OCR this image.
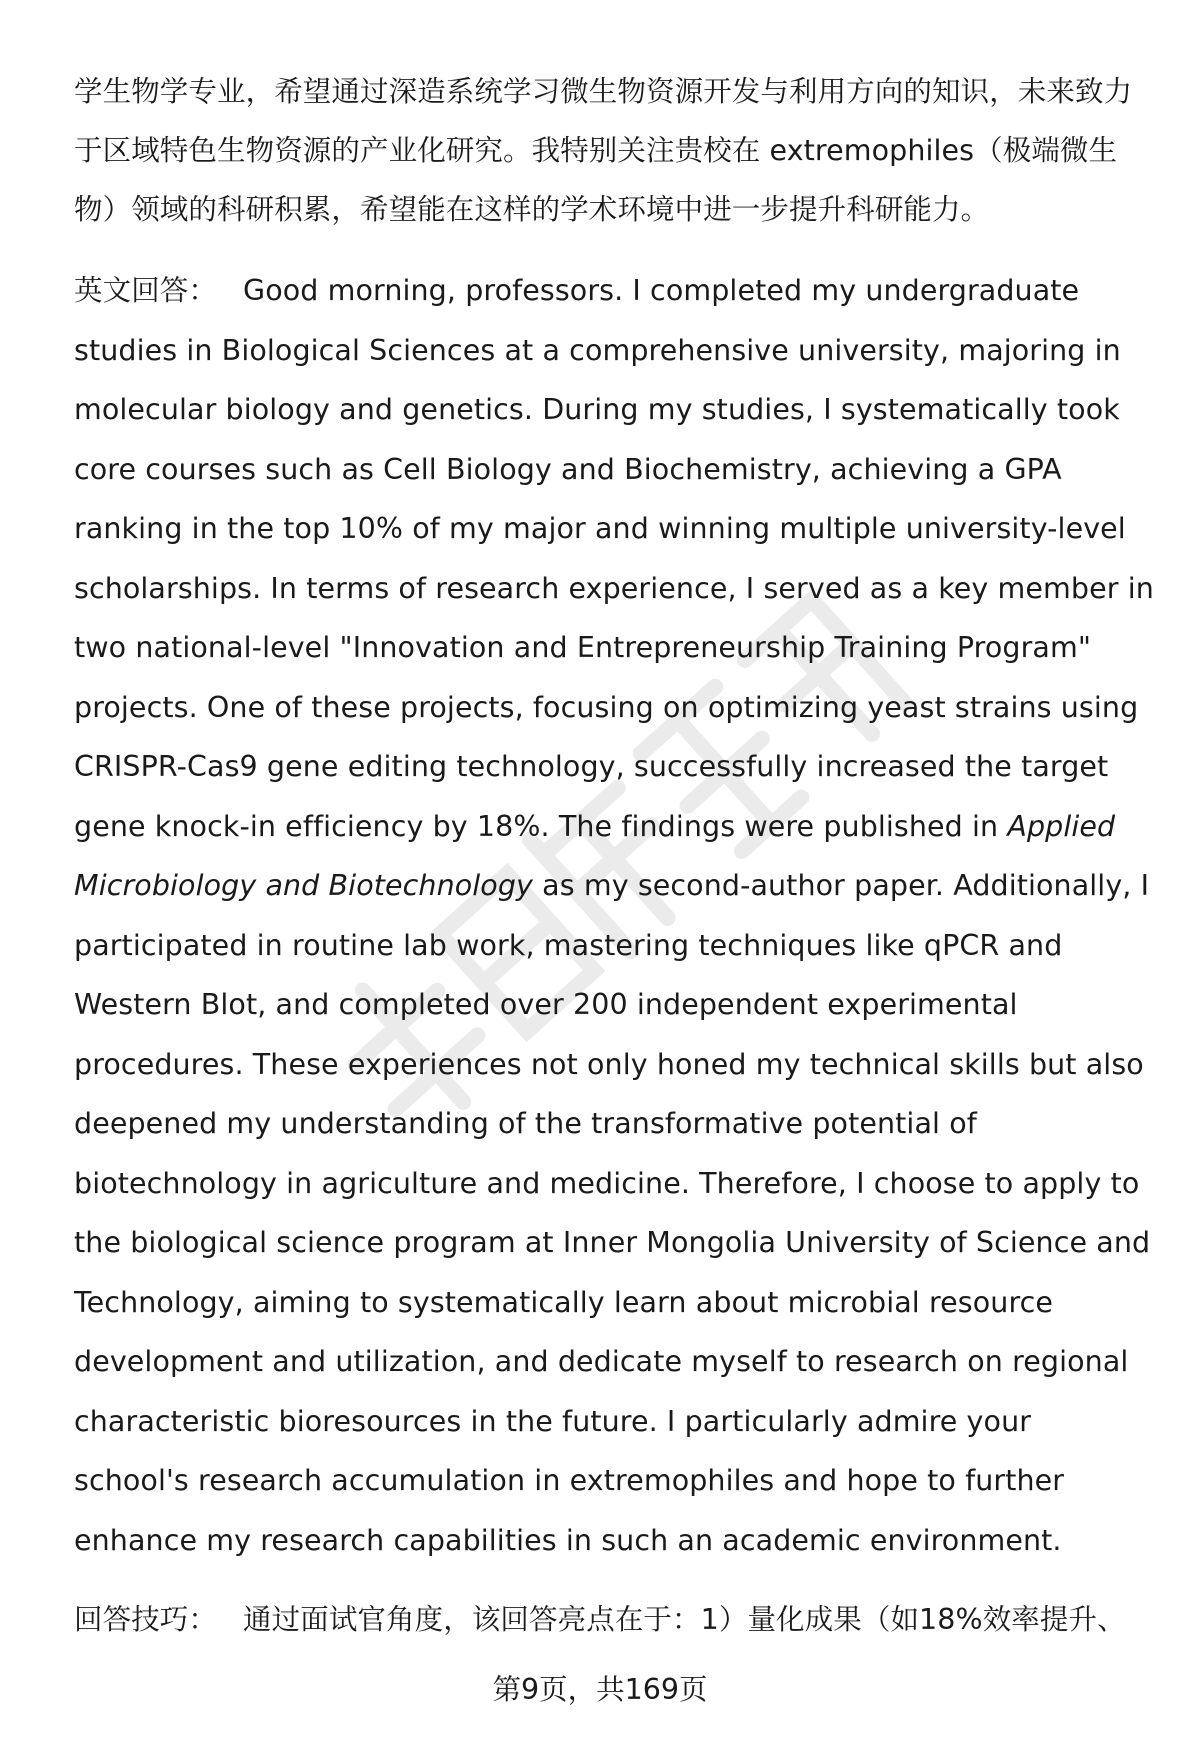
学生物学专业，希望通过深造系统学习微生物资源开发与利用方向的知识，未来致力于区域特色生物资源的产业化研究。我特别关注贵校在 extremophiles（极端微生物）领域的科研积累，希望能在这样的学术环境中进一步提升科研能力。

英文回答： Good morning, professors. I completed my undergraduate studies in Biological Sciences at a comprehensive university, majoring in molecular biology and genetics. During my studies, I systematically took core courses such as Cell Biology and Biochemistry, achieving a GPA ranking in the top 10% of my major and winning multiple university-level scholarships. In terms of research experience, I served as a key member in two national-level "Innovation and Entrepreneurship Training Program" projects. One of these projects, focusing on optimizing yeast strains using CRISPR-Cas9 gene editing technology, successfully increased the target gene knock-in efficiency by 18%. The findings were published in Applied Microbiology and Biotechnology as my second-author paper. Additionally, I participated in routine lab work, mastering techniques like qPCR and Western Blot, and completed over 200 independent experimental procedures. These experiences not only honed my technical skills but also deepened my understanding of the transformative potential of biotechnology in agriculture and medicine. Therefore, I choose to apply to the biological science program at Inner Mongolia University of Science and Technology, aiming to systematically learn about microbial resource development and utilization, and dedicate myself to research on regional characteristic bioresources in the future. I particularly admire your school's research accumulation in extremophiles and hope to further enhance my research capabilities in such an academic environment.

回答技巧： 通过面试官角度，该回答亮点在于：1）量化成果（如18%效率提升、

第9页，共169页
